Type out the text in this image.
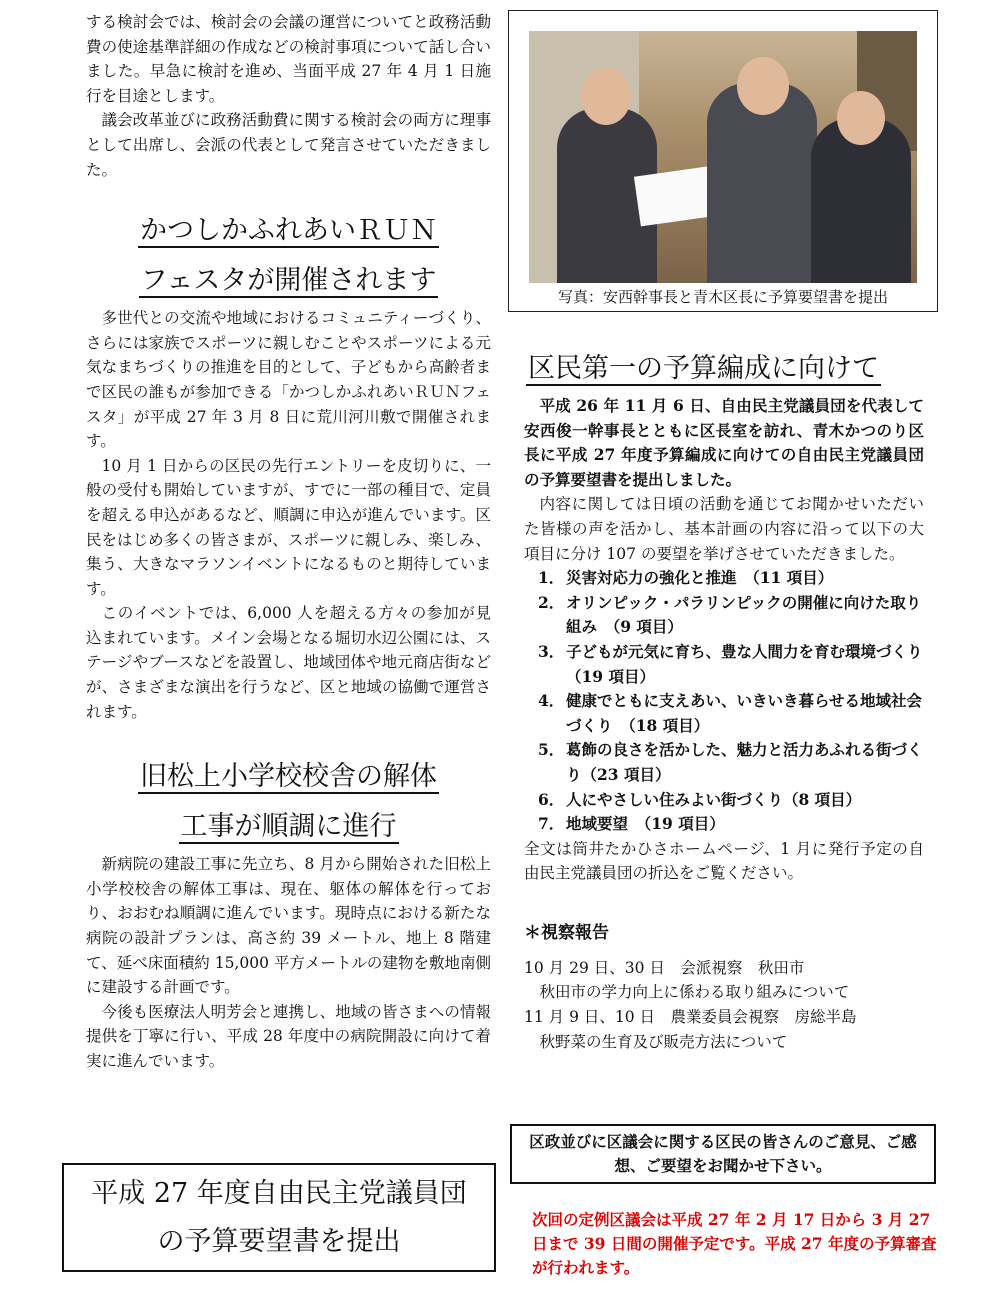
する検討会では、検討会の会議の運営についてと政務活動費の使途基準詳細の作成などの検討事項について話し合いました。早急に検討を進め、当面平成 27 年 4 月 1 日施行を目途とします。

議会改革並びに政務活動費に関する検討会の両方に理事として出席し、会派の代表として発言させていただきました。

かつしかふれあいＲＵＮ
フェスタが開催されます

多世代との交流や地域におけるコミュニティーづくり、さらには家族でスポーツに親しむことやスポーツによる元気なまちづくりの推進を目的として、子どもから高齢者まで区民の誰もが参加できる「かつしかふれあいＲＵＮフェスタ」が平成 27 年 3 月 8 日に荒川河川敷で開催されます。

10 月 1 日からの区民の先行エントリーを皮切りに、一般の受付も開始していますが、すでに一部の種目で、定員を超える申込があるなど、順調に申込が進んでいます。区民をはじめ多くの皆さまが、スポーツに親しみ、楽しみ、集う、大きなマラソンイベントになるものと期待しています。

このイベントでは、6,000 人を超える方々の参加が見込まれています。メイン会場となる堀切水辺公園には、ステージやブースなどを設置し、地域団体や地元商店街などが、さまざまな演出を行うなど、区と地域の協働で運営されます。

旧松上小学校校舎の解体
工事が順調に進行

新病院の建設工事に先立ち、8 月から開始された旧松上小学校校舎の解体工事は、現在、躯体の解体を行っており、おおむね順調に進んでいます。現時点における新たな病院の設計プランは、高さ約 39 メートル、地上 8 階建て、延べ床面積約 15,000 平方メートルの建物を敷地南側に建設する計画です。

今後も医療法人明芳会と連携し、地域の皆さまへの情報提供を丁寧に行い、平成 28 年度中の病院開設に向けて着実に進んでいます。

平成 27 年度自由民主党議員団
の予算要望書を提出
写真：安西幹事長と青木区長に予算要望書を提出
区民第一の予算編成に向けて

平成 26 年 11 月 6 日、自由民主党議員団を代表して安西俊一幹事長とともに区長室を訪れ、青木かつのり区長に平成 27 年度予算編成に向けての自由民主党議員団の予算要望書を提出しました。

内容に関しては日頃の活動を通じてお聞かせいただいた皆様の声を活かし、基本計画の内容に沿って以下の大項目に分け 107 の要望を挙げさせていただきました。

1． 災害対応力の強化と推進　（11 項目）
2． オリンピック・パラリンピックの開催に向けた取り組み　（9 項目）
3． 子どもが元気に育ち、豊な人間力を育む環境づくり　（19 項目）
4． 健康でともに支えあい、いきいき暮らせる地域社会づくり　（18 項目）
5． 葛飾の良さを活かした、魅力と活力あふれる街づくり（23 項目）
6． 人にやさしい住みよい街づくり（8 項目）
7． 地域要望　（19 項目）

全文は筒井たかひさホームページ、1 月に発行予定の自由民主党議員団の折込をご覧ください。

＊視察報告

10 月 29 日、30 日　会派視察　秋田市

　秋田市の学力向上に係わる取り組みについて

11 月 9 日、10 日　農業委員会視察　房総半島

　秋野菜の生育及び販売方法について

区政並びに区議会に関する区民の皆さんのご意見、ご感想、ご要望をお聞かせ下さい。
次回の定例区議会は平成 27 年 2 月 17 日から 3 月 27 日まで 39 日間の開催予定です。平成 27 年度の予算審査が行われます。
